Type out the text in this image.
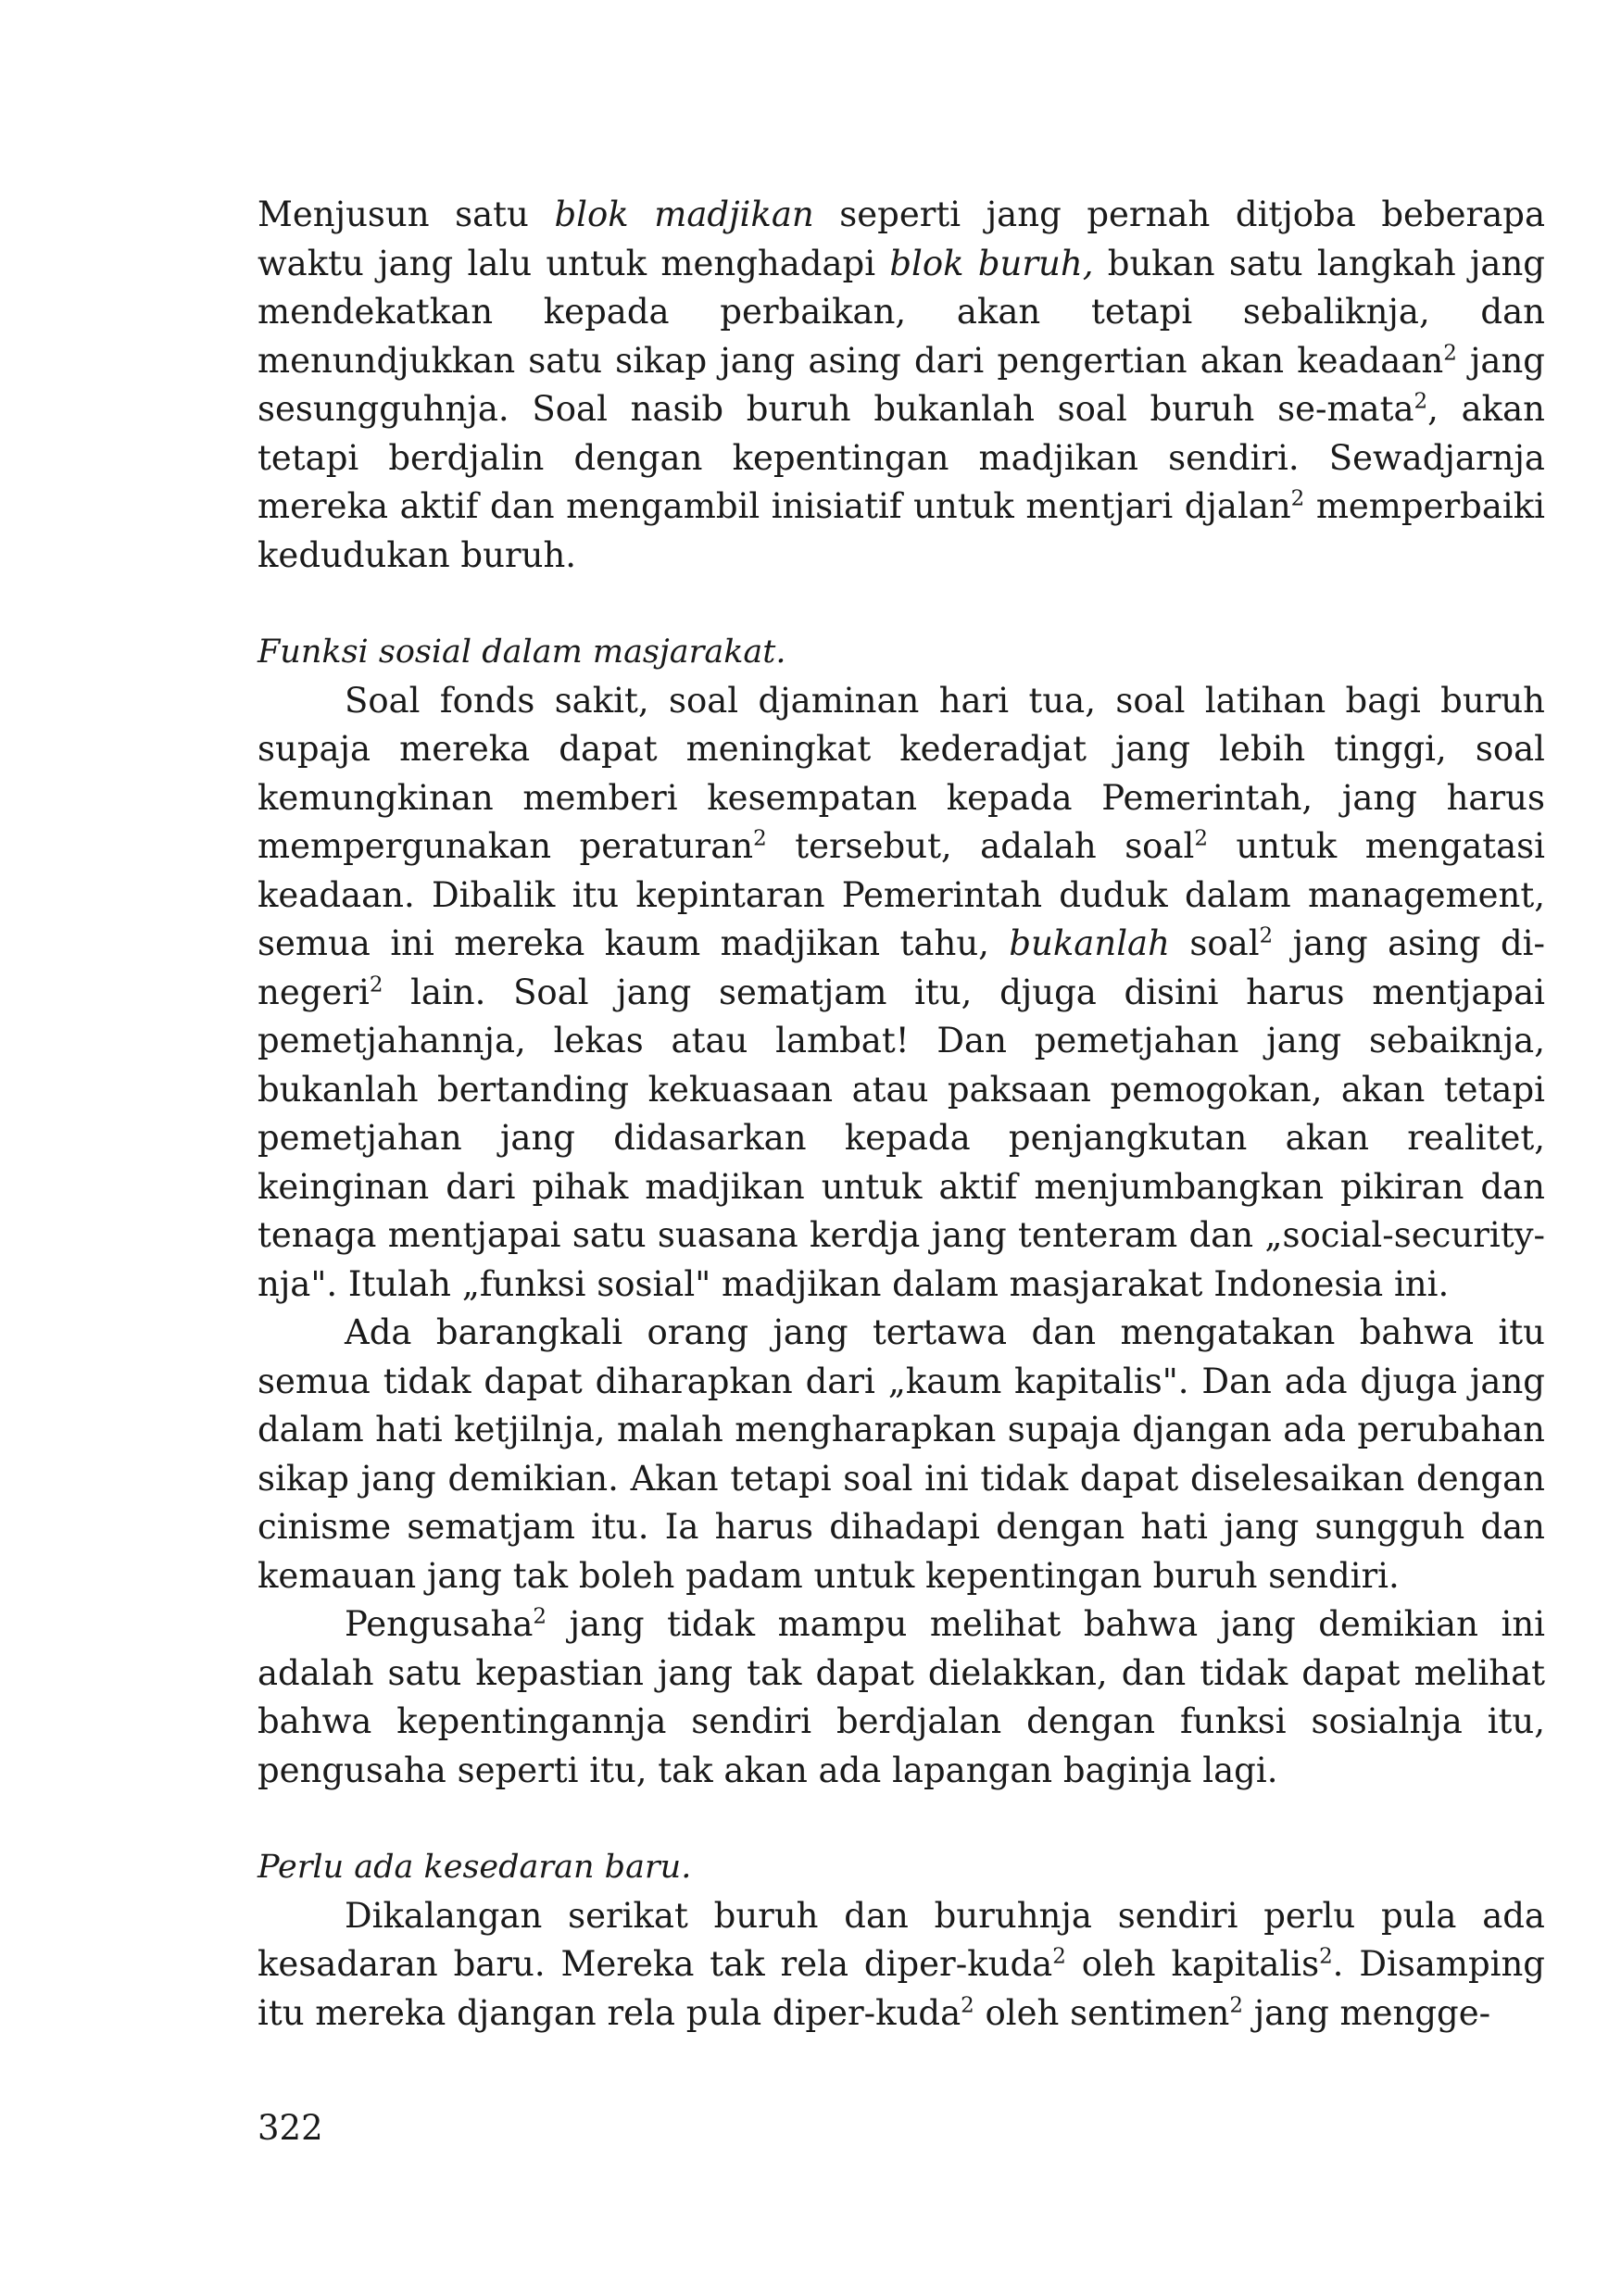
Menjusun satu blok madjikan seperti jang pernah ditjoba beberapa waktu jang lalu untuk menghadapi blok buruh, bukan satu langkah jang mendekatkan kepada perbaikan, akan tetapi sebaliknja, dan menundjukkan satu sikap jang asing dari pengertian akan keadaan$^2$ jang sesungguhnja. Soal nasib buruh bukanlah soal buruh se-mata$^2$, akan tetapi berdjalin dengan kepentingan madjikan sendiri. Sewadjarnja mereka aktif dan mengambil inisiatif untuk mentjari djalan$^2$ memperbaiki kedudukan buruh.

Funksi sosial dalam masjarakat.

Soal fonds sakit, soal djaminan hari tua, soal latihan bagi buruh supaja mereka dapat meningkat kederadjat jang lebih tinggi, soal kemungkinan memberi kesempatan kepada Pemerintah, jang harus mempergunakan peraturan$^2$ tersebut, adalah soal$^2$ untuk mengatasi keadaan. Dibalik itu kepintaran Pemerintah duduk dalam management, semua ini mereka kaum madjikan tahu, bukanlah soal$^2$ jang asing di-negeri$^2$ lain. Soal jang sematjam itu, djuga disini harus mentjapai pemetjahannja, lekas atau lambat! Dan pemetjahan jang sebaiknja, bukanlah bertanding kekuasaan atau paksaan pemogokan, akan tetapi pemetjahan jang didasarkan kepada penjangkutan akan realitet, keinginan dari pihak madjikan untuk aktif menjumbangkan pikiran dan tenaga mentjapai satu suasana kerdja jang tenteram dan „social-security-nja". Itulah „funksi sosial" madjikan dalam masjarakat Indonesia ini.

Ada barangkali orang jang tertawa dan mengatakan bahwa itu semua tidak dapat diharapkan dari „kaum kapitalis". Dan ada djuga jang dalam hati ketjilnja, malah mengharapkan supaja djangan ada perubahan sikap jang demikian. Akan tetapi soal ini tidak dapat diselesaikan dengan cinisme sematjam itu. Ia harus dihadapi dengan hati jang sungguh dan kemauan jang tak boleh padam untuk kepentingan buruh sendiri.

Pengusaha$^2$ jang tidak mampu melihat bahwa jang demikian ini adalah satu kepastian jang tak dapat dielakkan, dan tidak dapat melihat bahwa kepentingannja sendiri berdjalan dengan funksi sosialnja itu, pengusaha seperti itu, tak akan ada lapangan baginja lagi.

Perlu ada kesedaran baru.

Dikalangan serikat buruh dan buruhnja sendiri perlu pula ada kesadaran baru. Mereka tak rela diper-kuda$^2$ oleh kapitalis$^2$. Disamping itu mereka djangan rela pula diper-kuda$^2$ oleh sentimen$^2$ jang mengge-

322
